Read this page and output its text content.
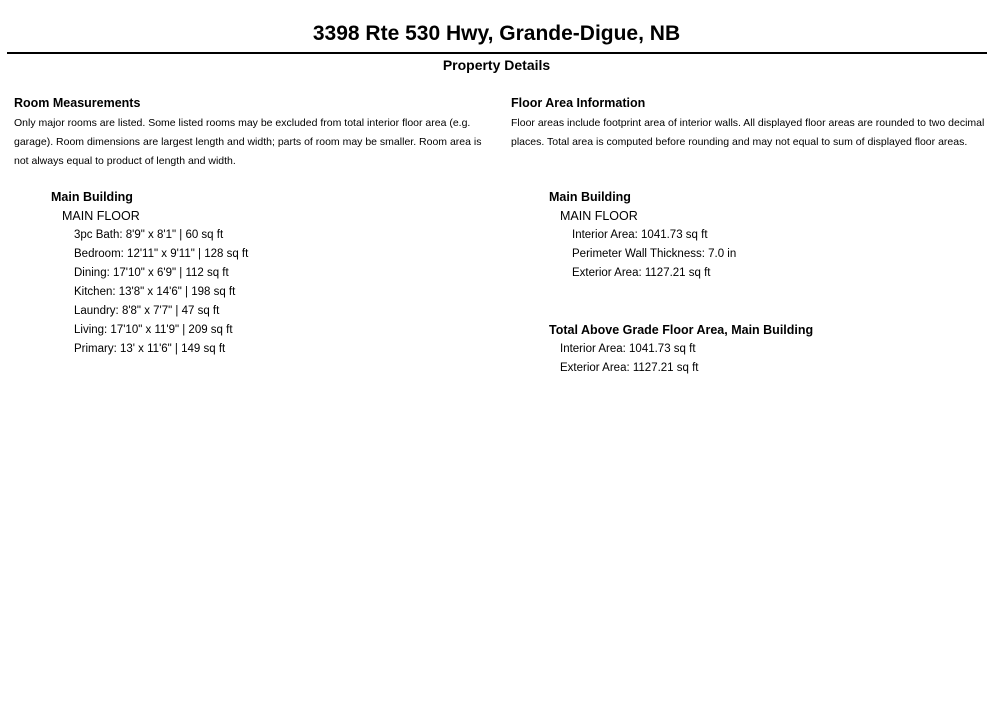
3398 Rte 530 Hwy, Grande-Digue, NB
Property Details
Room Measurements
Only major rooms are listed. Some listed rooms may be excluded from total interior floor area (e.g. garage). Room dimensions are largest length and width; parts of room may be smaller. Room area is not always equal to product of length and width.
Main Building
MAIN FLOOR
3pc Bath: 8'9" x 8'1" | 60 sq ft
Bedroom: 12'11" x 9'11" | 128 sq ft
Dining: 17'10" x 6'9" | 112 sq ft
Kitchen: 13'8" x 14'6" | 198 sq ft
Laundry: 8'8" x 7'7" | 47 sq ft
Living: 17'10" x 11'9" | 209 sq ft
Primary: 13' x 11'6" | 149 sq ft
Floor Area Information
Floor areas include footprint area of interior walls. All displayed floor areas are rounded to two decimal places. Total area is computed before rounding and may not equal to sum of displayed floor areas.
Main Building
MAIN FLOOR
Interior Area: 1041.73 sq ft
Perimeter Wall Thickness: 7.0 in
Exterior Area: 1127.21 sq ft
Total Above Grade Floor Area, Main Building
Interior Area: 1041.73 sq ft
Exterior Area: 1127.21 sq ft
